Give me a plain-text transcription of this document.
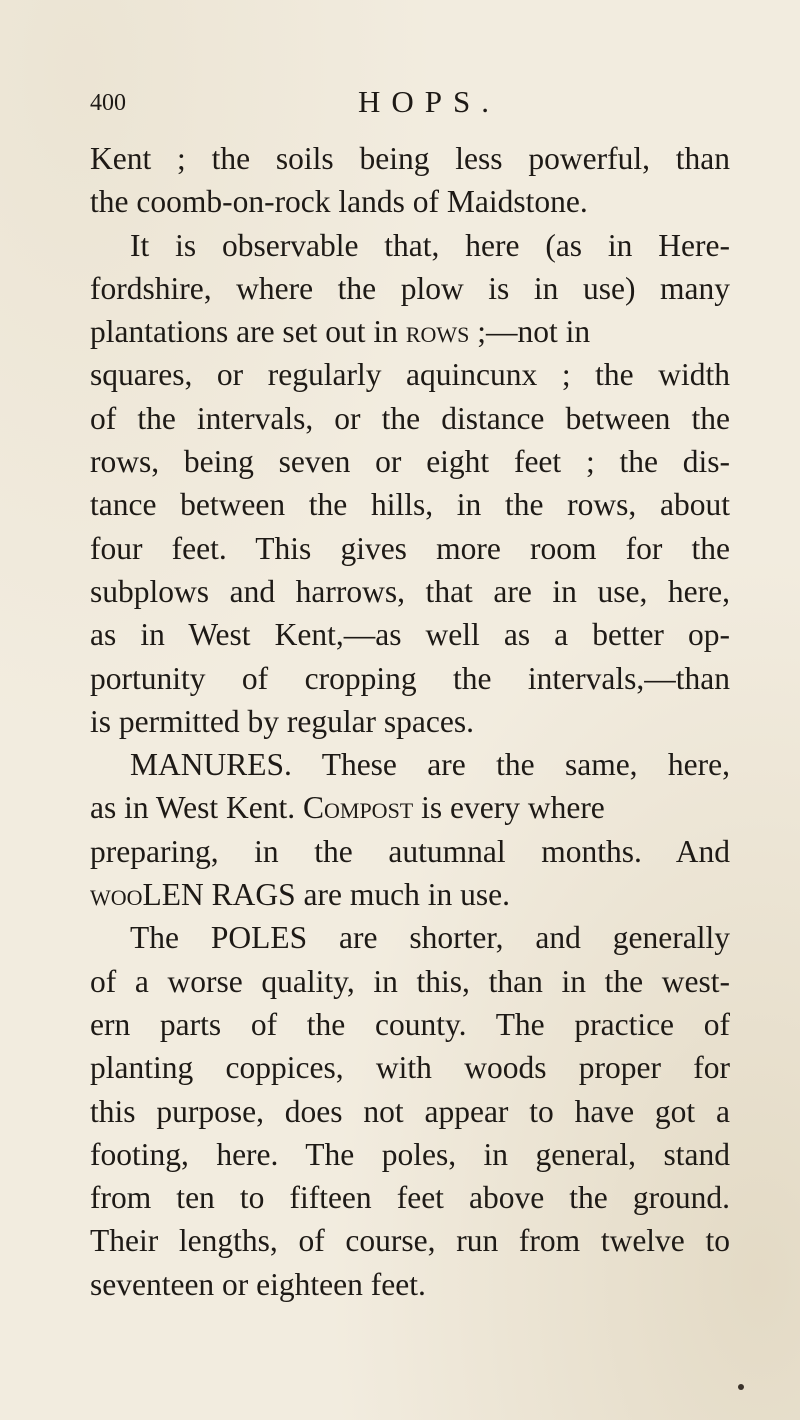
400	HOPS.
Kent ; the soils being less powerful, than
the coomb-on-rock lands of Maidstone.
It is observable that, here (as in Here-
fordshire, where the plow is in use) many
plantations are set out in rows ;—not in
squares, or regularly aquincunx ; the width
of the intervals, or the distance between the
rows, being seven or eight feet ; the dis-
tance between the hills, in the rows, about
four feet. This gives more room for the
subplows and harrows, that are in use, here,
as in West Kent,—as well as a better op-
portunity of cropping the intervals,—than
is permitted by regular spaces.
MANURES. These are the same, here,
as in West Kent. Compost is every where
preparing, in the autumnal months. And
wooLEN RAGS are much in use.
The POLES are shorter, and generally
of a worse quality, in this, than in the west-
ern parts of the county. The practice of
planting coppices, with woods proper for
this purpose, does not appear to have got a
footing, here. The poles, in general, stand
from ten to fifteen feet above the ground.
Their lengths, of course, run from twelve to
seventeen or eighteen feet.
